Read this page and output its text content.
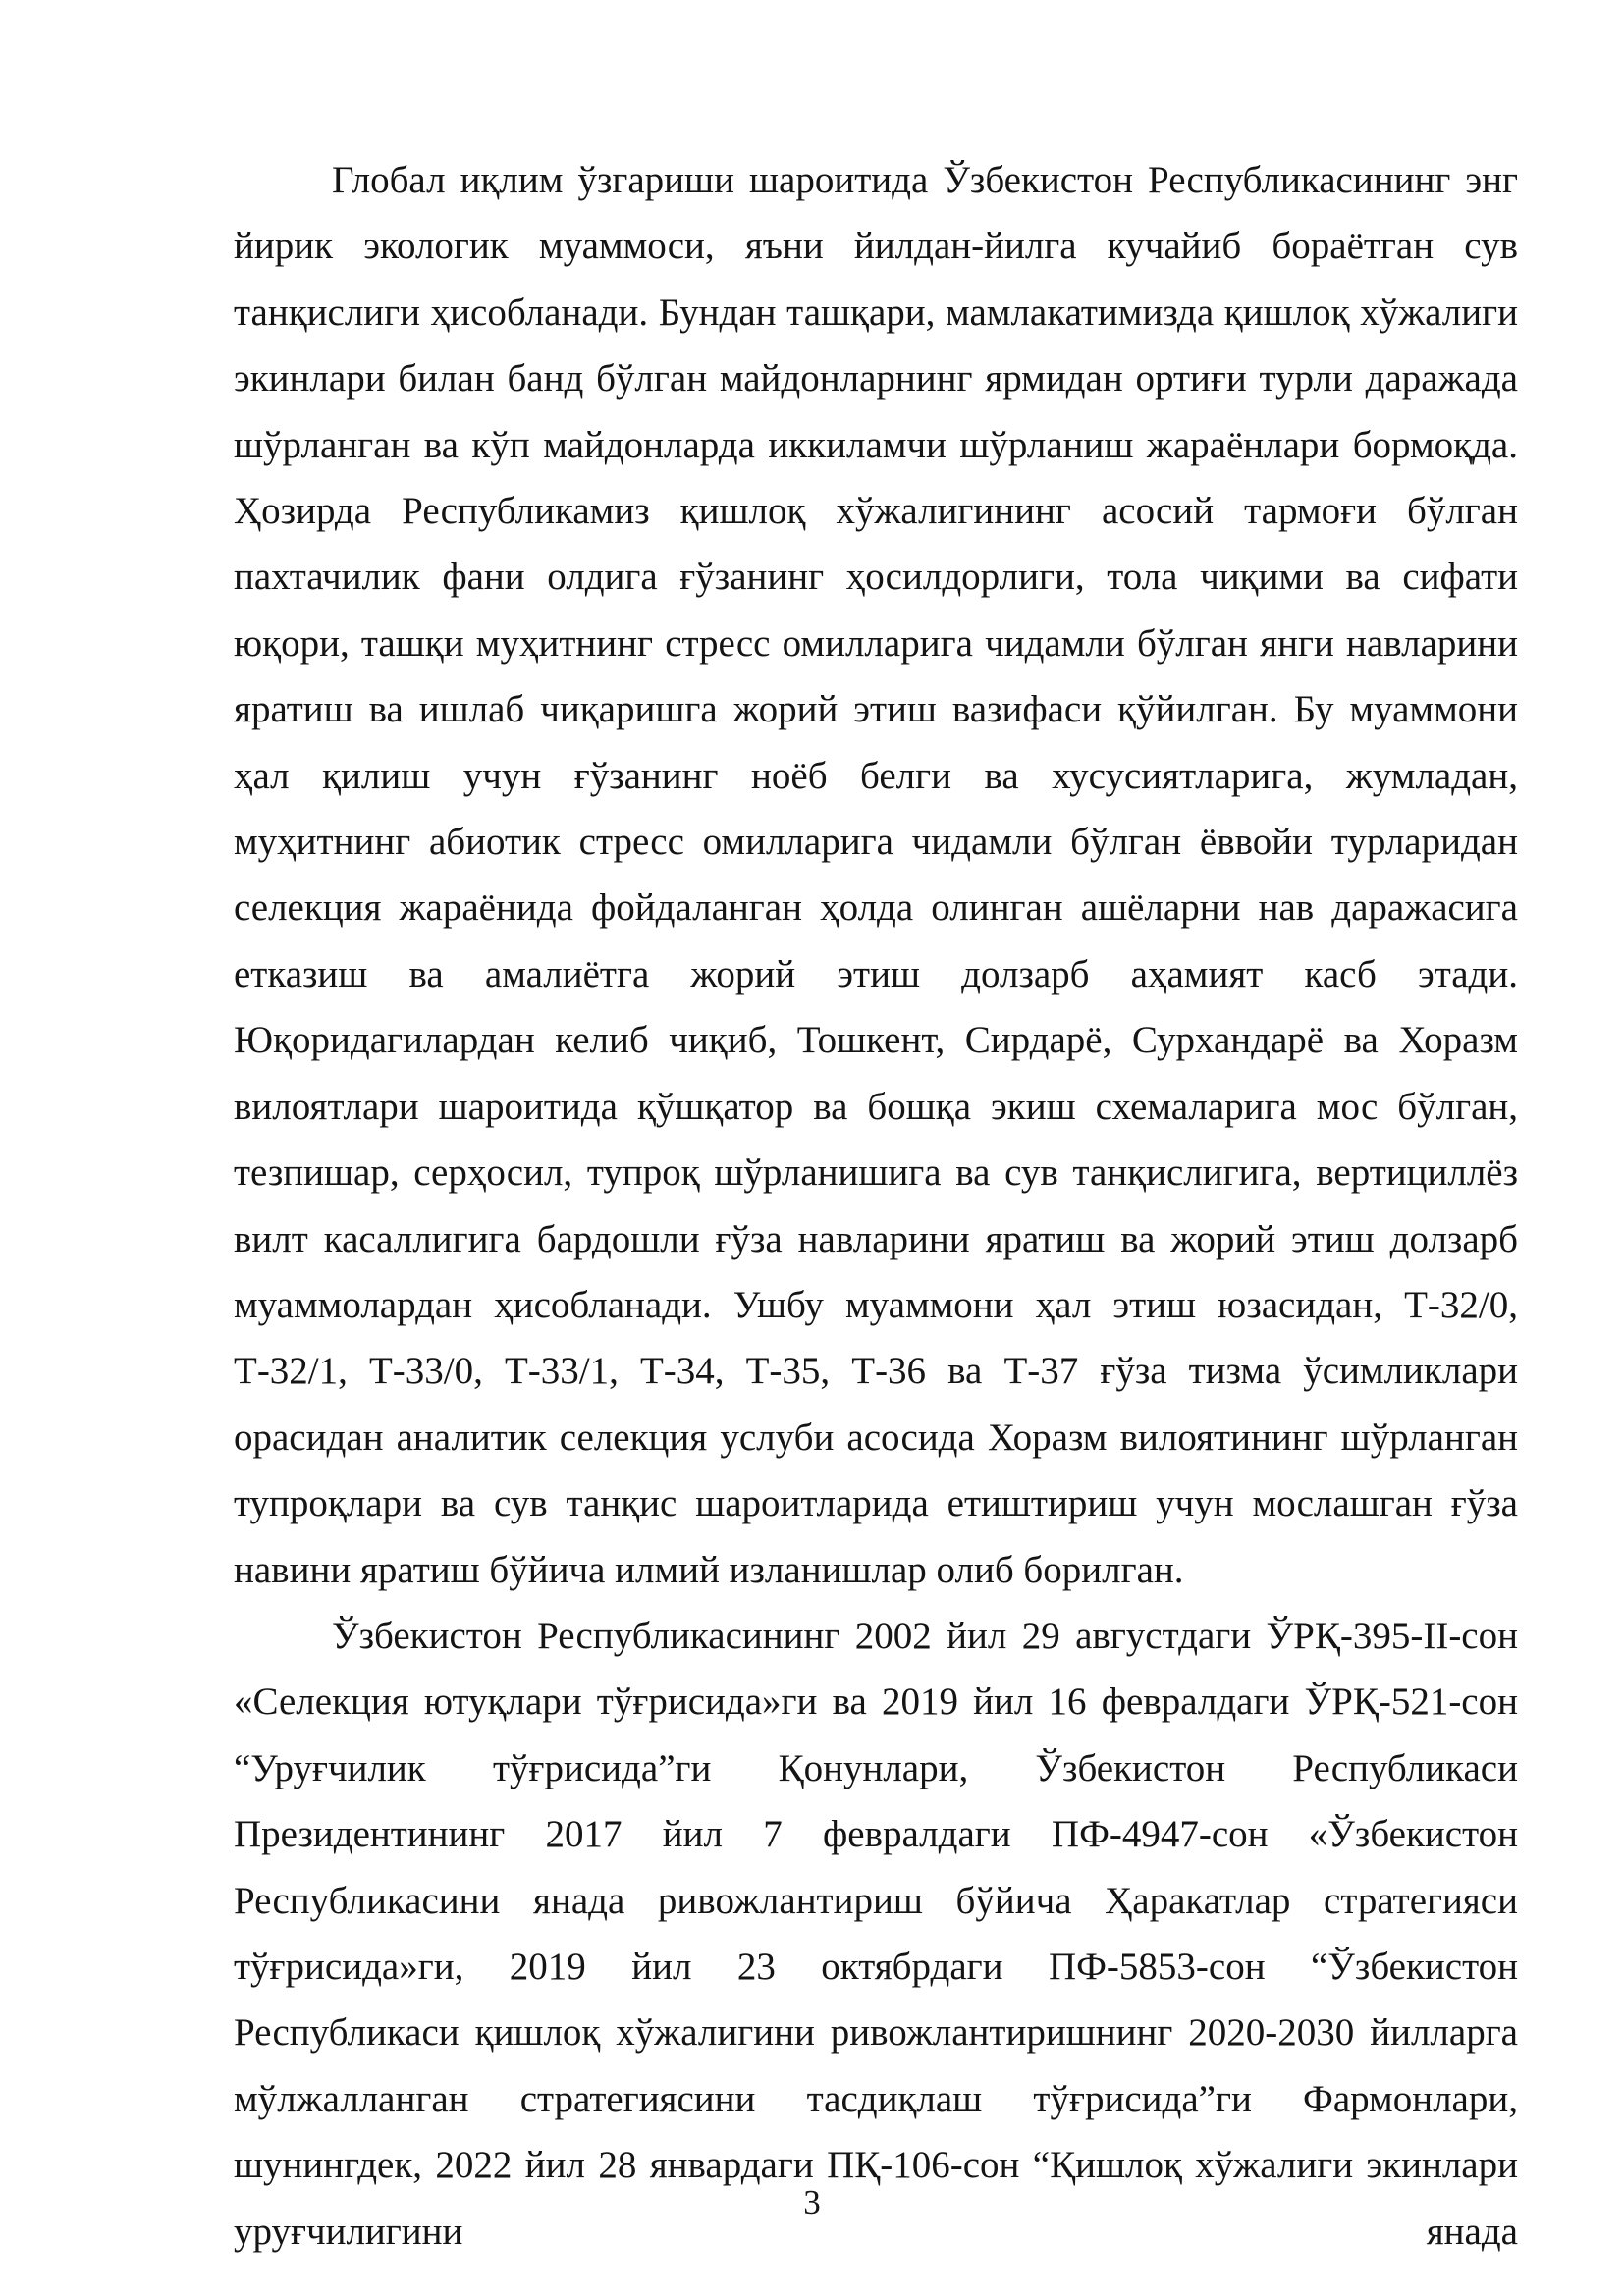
Глобал иқлим ўзгариши шароитида Ўзбекистон Республикасининг энг йирик экологик муаммоси, яъни йилдан-йилга кучайиб бораётган сув танқислиги ҳисобланади. Бундан ташқари, мамлакатимизда қишлоқ хўжалиги экинлари билан банд бўлган майдонларнинг ярмидан ортиғи турли даражада шўрланган ва кўп майдонларда иккиламчи шўрланиш жараёнлари бормоқда. Ҳозирда Республикамиз қишлоқ хўжалигининг асосий тармоғи бўлган пахтачилик фани олдига ғўзанинг ҳосилдорлиги, тола чиқими ва сифати юқори, ташқи муҳитнинг стресс омилларига чидамли бўлган янги навларини яратиш ва ишлаб чиқаришга жорий этиш вазифаси қўйилган. Бу муаммони ҳал қилиш учун ғўзанинг ноёб белги ва хусусиятларига, жумладан, муҳитнинг абиотик стресс омилларига чидамли бўлган ёввойи турларидан селекция жараёнида фойдаланган ҳолда олинган ашёларни нав даражасига етказиш ва амалиётга жорий этиш долзарб аҳамият касб этади. Юқоридагилардан келиб чиқиб, Тошкент, Сирдарё, Сурхандарё ва Хоразм вилоятлари шароитида қўшқатор ва бошқа экиш схемаларига мос бўлган, тезпишар, серҳосил, тупроқ шўрланишига ва сув танқислигига, вертициллёз вилт касаллигига бардошли ғўза навларини яратиш ва жорий этиш долзарб муаммолардан ҳисобланади. Ушбу муаммони ҳал этиш юзасидан, Т-32/0, Т-32/1, Т-33/0, Т-33/1, Т-34, Т-35, Т-36 ва Т-37 ғўза тизма ўсимликлари орасидан аналитик селекция услуби асосида Хоразм вилоятининг шўрланган тупроқлари ва сув танқис шароитларида етиштириш учун мослашган ғўза навини яратиш бўйича илмий изланишлар олиб борилган.

Ўзбекистон Республикасининг 2002 йил 29 августдаги ЎРҚ-395-II-сон «Селекция ютуқлари тўғрисида»ги ва 2019 йил 16 февралдаги ЎРҚ-521-сон “Уруғчилик тўғрисида”ги Қонунлари, Ўзбекистон Республикаси Президентининг 2017 йил 7 февралдаги ПФ-4947-сон «Ўзбекистон Республикасини янада ривожлантириш бўйича Ҳаракатлар стратегияси тўғрисида»ги, 2019 йил 23 октябрдаги ПФ-5853-сон “Ўзбекистон Республикаси қишлоқ хўжалигини ривожлантиришнинг 2020-2030 йилларга мўлжалланган стратегиясини тасдиқлаш тўғрисида”ги Фармонлари, шунингдек, 2022 йил 28 январдаги ПҚ-106-сон “Қишлоқ хўжалиги экинлари уруғчилигини янада

3
